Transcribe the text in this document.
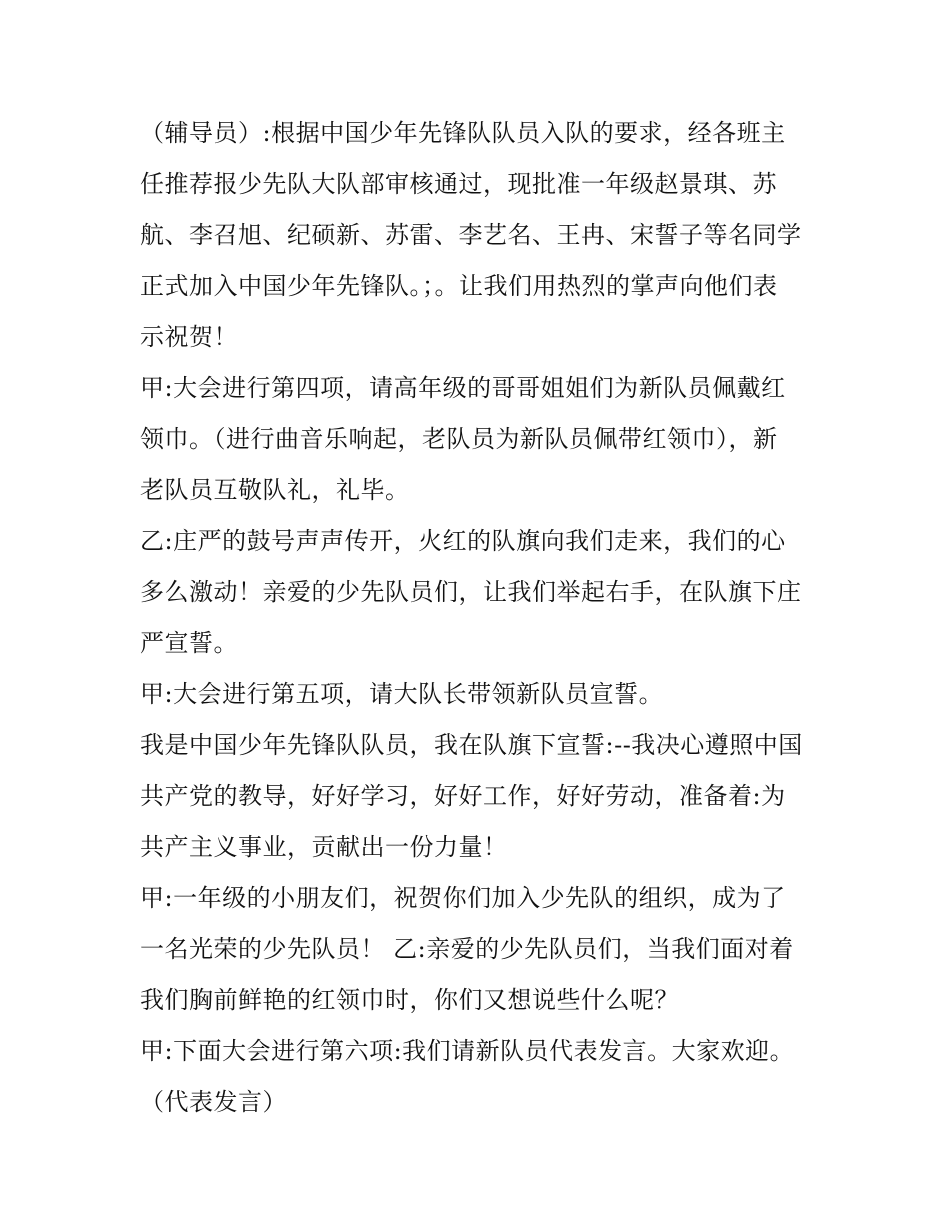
（辅导员）:根据中国少年先锋队队员入队的要求，经各班主
任推荐报少先队大队部审核通过，现批准一年级赵景琪、苏
航、李召旭、纪硕新、苏雷、李艺名、王冉、宋誓子等名同学
正式加入中国少年先锋队。；。让我们用热烈的掌声向他们表
示祝贺！

甲:大会进行第四项，请高年级的哥哥姐姐们为新队员佩戴红
领巾。（进行曲音乐响起，老队员为新队员佩带红领巾），新
老队员互敬队礼，礼毕。

乙:庄严的鼓号声声传开，火红的队旗向我们走来，我们的心
多么激动！亲爱的少先队员们，让我们举起右手，在队旗下庄
严宣誓。

甲:大会进行第五项，请大队长带领新队员宣誓。

我是中国少年先锋队队员，我在队旗下宣誓:--我决心遵照中国
共产党的教导，好好学习，好好工作，好好劳动，准备着:为
共产主义事业，贡献出一份力量！

甲:一年级的小朋友们，祝贺你们加入少先队的组织，成为了
一名光荣的少先队员！ 乙:亲爱的少先队员们，当我们面对着
我们胸前鲜艳的红领巾时，你们又想说些什么呢？

甲:下面大会进行第六项:我们请新队员代表发言。大家欢迎。

（代表发言）
